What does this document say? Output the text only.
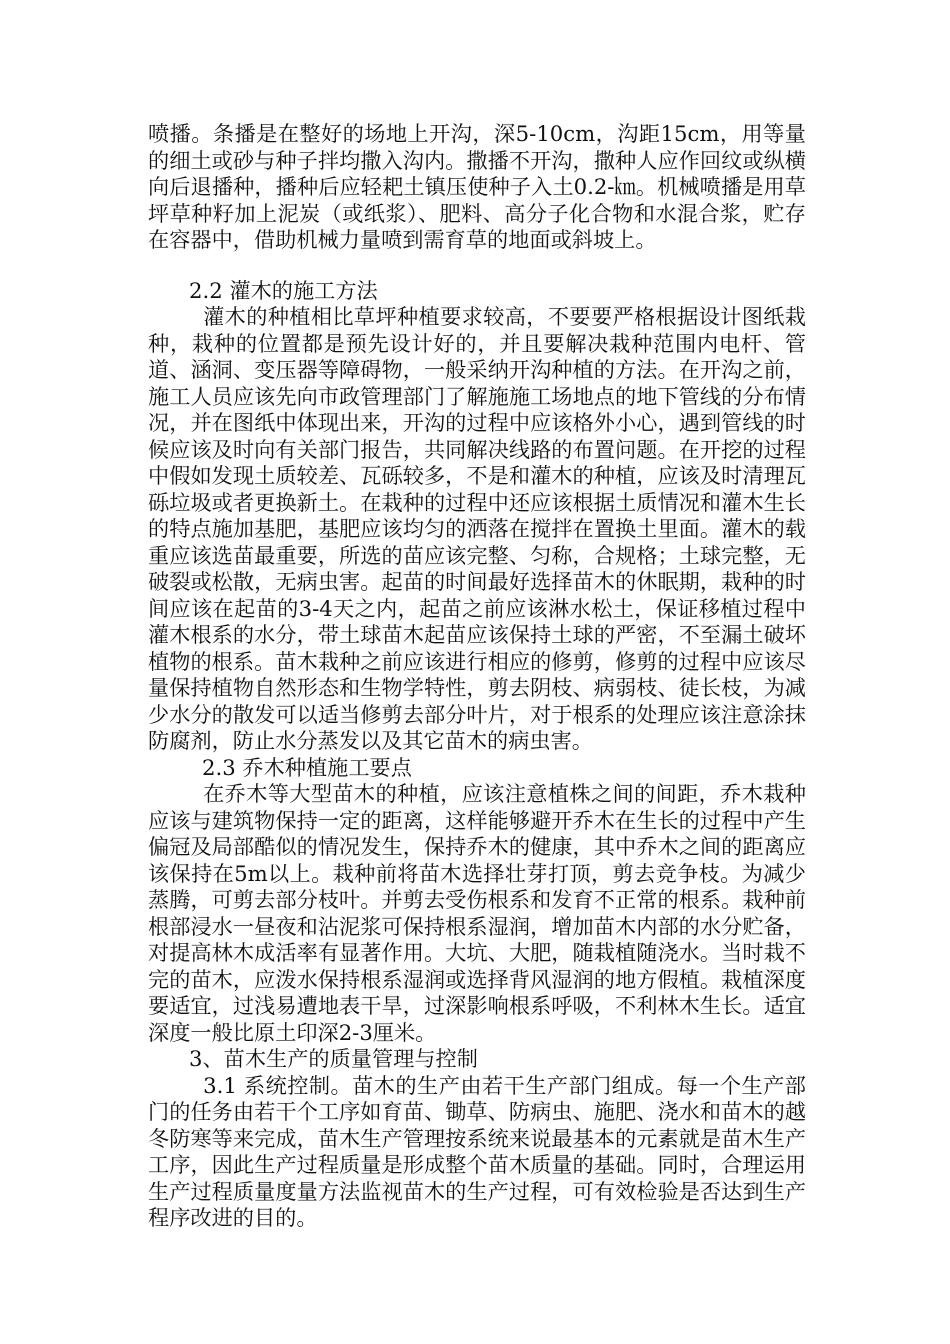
喷播。条播是在整好的场地上开沟，深5-10cm，沟距15cm，用等量的细土或砂与种子拌均撒入沟内。撒播不开沟，撒种人应作回纹或纵横向后退播种，播种后应轻耙土镇压使种子入土0.2-㎞。机械喷播是用草坪草种籽加上泥炭（或纸浆）、肥料、高分子化合物和水混合浆，贮存在容器中，借助机械力量喷到需育草的地面或斜坡上。

2.2 灌木的施工方法

灌木的种植相比草坪种植要求较高，不要要严格根据设计图纸栽种，栽种的位置都是预先设计好的，并且要解决栽种范围内电杆、管道、涵洞、变压器等障碍物，一般采纳开沟种植的方法。在开沟之前，施工人员应该先向市政管理部门了解施施工场地点的地下管线的分布情况，并在图纸中体现出来，开沟的过程中应该格外小心，遇到管线的时候应该及时向有关部门报告，共同解决线路的布置问题。在开挖的过程中假如发现土质较差、瓦砾较多，不是和灌木的种植，应该及时清理瓦砾垃圾或者更换新土。在栽种的过程中还应该根据土质情况和灌木生长的特点施加基肥，基肥应该均匀的洒落在搅拌在置换土里面。灌木的载重应该选苗最重要，所选的苗应该完整、匀称，合规格；土球完整，无破裂或松散，无病虫害。起苗的时间最好选择苗木的休眠期，栽种的时间应该在起苗的3-4天之内，起苗之前应该淋水松土，保证移植过程中灌木根系的水分，带土球苗木起苗应该保持土球的严密，不至漏土破坏植物的根系。苗木栽种之前应该进行相应的修剪，修剪的过程中应该尽量保持植物自然形态和生物学特性，剪去阴枝、病弱枝、徒长枝，为减少水分的散发可以适当修剪去部分叶片，对于根系的处理应该注意涂抹防腐剂，防止水分蒸发以及其它苗木的病虫害。

2.3 乔木种植施工要点

在乔木等大型苗木的种植，应该注意植株之间的间距，乔木栽种应该与建筑物保持一定的距离，这样能够避开乔木在生长的过程中产生偏冠及局部酷似的情况发生，保持乔木的健康，其中乔木之间的距离应该保持在5m以上。栽种前将苗木选择壮芽打顶，剪去竞争枝。为减少蒸腾，可剪去部分枝叶。并剪去受伤根系和发育不正常的根系。栽种前根部浸水一昼夜和沾泥浆可保持根系湿润，增加苗木内部的水分贮备，对提高林木成活率有显著作用。大坑、大肥，随栽植随浇水。当时栽不完的苗木，应泼水保持根系湿润或选择背风湿润的地方假植。栽植深度要适宜，过浅易遭地表干旱，过深影响根系呼吸，不利林木生长。适宜深度一般比原土印深2-3厘米。

3、苗木生产的质量管理与控制

3.1 系统控制。苗木的生产由若干生产部门组成。每一个生产部门的任务由若干个工序如育苗、锄草、防病虫、施肥、浇水和苗木的越冬防寒等来完成，苗木生产管理按系统来说最基本的元素就是苗木生产工序，因此生产过程质量是形成整个苗木质量的基础。同时，合理运用生产过程质量度量方法监视苗木的生产过程，可有效检验是否达到生产程序改进的目的。
